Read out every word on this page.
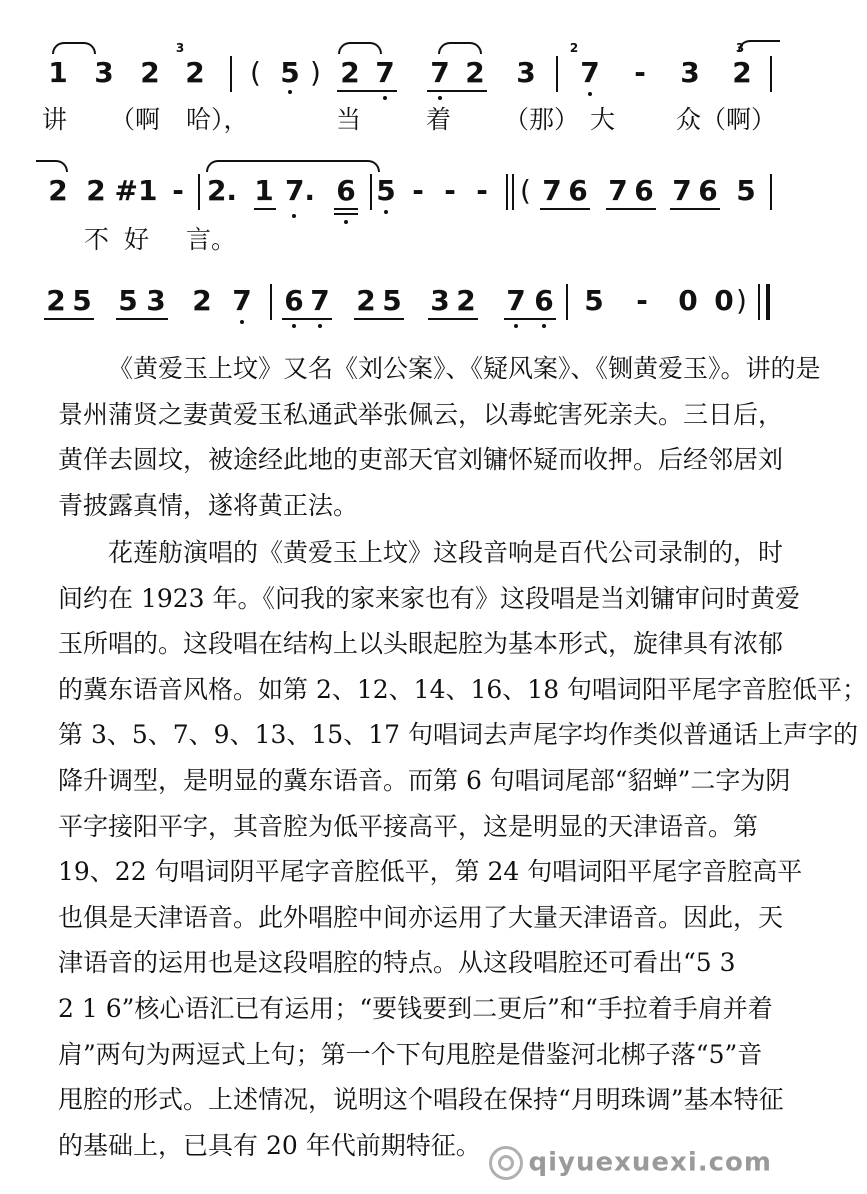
3	2	3
1 3 2 2 ( 5 ) 2 7 7 2 3 7 - 3 2
讲 （啊 哈），	当	着 （那） 大 众（啊）
2 2 #1 - 2. 1 7. 6 5 - - - ( 7 6 7 6 7 6 5
不 好 言。
2 5 5 3 2 7 6 7 2 5 3 2 7 6 5 - 0 0 )
《黄爱玉上坟》又名《刘公案》、《疑风案》、《铡黄爱玉》。讲的是
景州蒲贤之妻黄爱玉私通武举张佩云，以毒蛇害死亲夫。三日后，
黄佯去圆坟，被途经此地的吏部天官刘镛怀疑而收押。后经邻居刘
青披露真情，遂将黄正法。
花莲舫演唱的《黄爱玉上坟》这段音响是百代公司录制的，时
间约在 1923 年。《问我的家来家也有》这段唱是当刘镛审问时黄爱
玉所唱的。这段唱在结构上以头眼起腔为基本形式，旋律具有浓郁
的冀东语音风格。如第 2、12、14、16、18 句唱词阳平尾字音腔低平；
第 3、5、7、9、13、15、17 句唱词去声尾字均作类似普通话上声字的
降升调型，是明显的冀东语音。而第 6 句唱词尾部“貂蝉”二字为阴
平字接阳平字，其音腔为低平接高平，这是明显的天津语音。第
19、22 句唱词阴平尾字音腔低平，第 24 句唱词阳平尾字音腔高平
也俱是天津语音。此外唱腔中间亦运用了大量天津语音。因此，天
津语音的运用也是这段唱腔的特点。从这段唱腔还可看出“5 3
2 1 6”核心语汇已有运用；“要钱要到二更后”和“手拉着手肩并着
肩”两句为两逗式上句；第一个下句甩腔是借鉴河北梆子落“5”音
甩腔的形式。上述情况，说明这个唱段在保持“月明珠调”基本特征
的基础上，已具有 20 年代前期特征。
qiyuexuexi.com
